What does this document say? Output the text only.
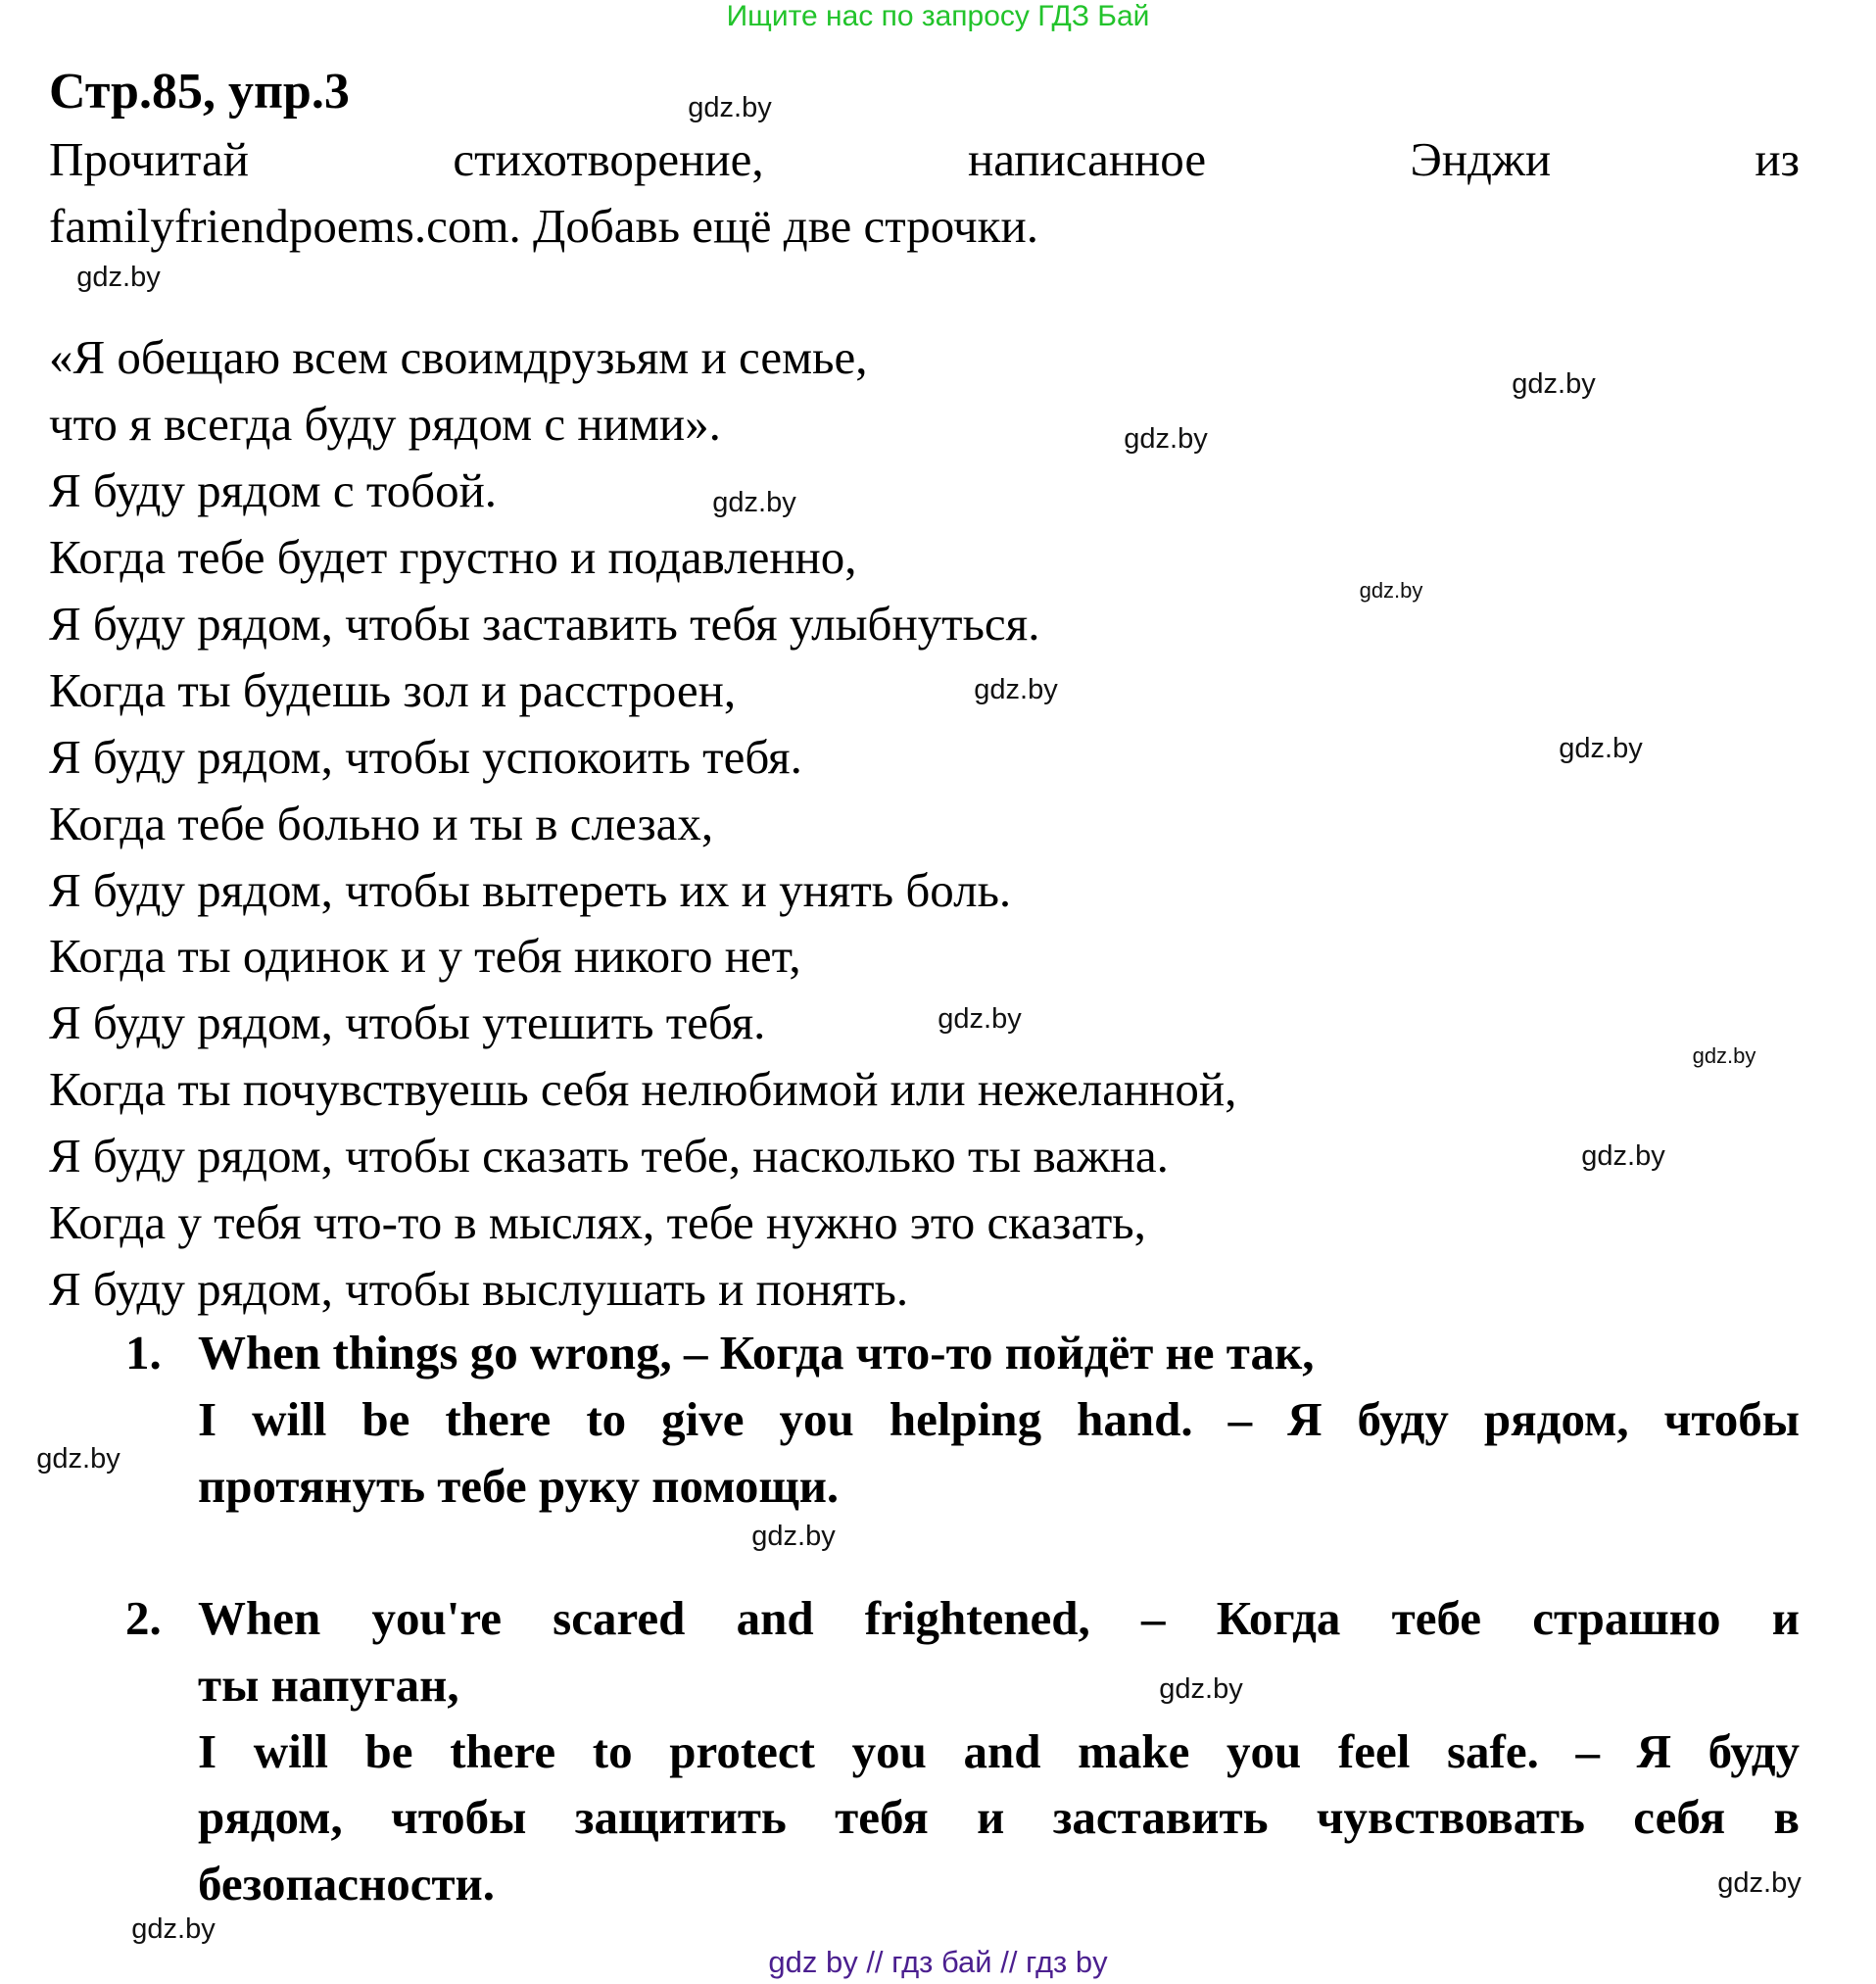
Ищите нас по запросу ГДЗ Бай
Стр.85, упр.3
Прочитай стихотворение, написанное Энджи из
familyfriendpoems.com. Добавь ещё две строчки.
«Я обещаю всем своимдрузьям и семье,
что я всегда буду рядом с ними».
Я буду рядом с тобой.
Когда тебе будет грустно и подавленно,
Я буду рядом, чтобы заставить тебя улыбнуться.
Когда ты будешь зол и расстроен,
Я буду рядом, чтобы успокоить тебя.
Когда тебе больно и ты в слезах,
Я буду рядом, чтобы вытереть их и унять боль.
Когда ты одинок и у тебя никого нет,
Я буду рядом, чтобы утешить тебя.
Когда ты почувствуешь себя нелюбимой или нежеланной,
Я буду рядом, чтобы сказать тебе, насколько ты важна.
Когда у тебя что-то в мыслях, тебе нужно это сказать,
Я буду рядом, чтобы выслушать и понять.
1. When things go wrong, – Когда что-то пойдёт не так,
I will be there to give you helping hand. – Я буду рядом, чтобы
протянуть тебе руку помощи.
2. When you're scared and frightened, – Когда тебе страшно и
ты напуган,
I will be there to protect you and make you feel safe. – Я буду
рядом, чтобы защитить тебя и заставить чувствовать себя в
безопасности.
gdz.by
gdz.by
gdz.by
gdz.by
gdz.by
gdz.by
gdz.by
gdz.by
gdz.by
gdz.by
gdz.by
gdz.by
gdz.by
gdz.by
gdz.by
gdz.by
gdz by // гдз бай // гдз by
